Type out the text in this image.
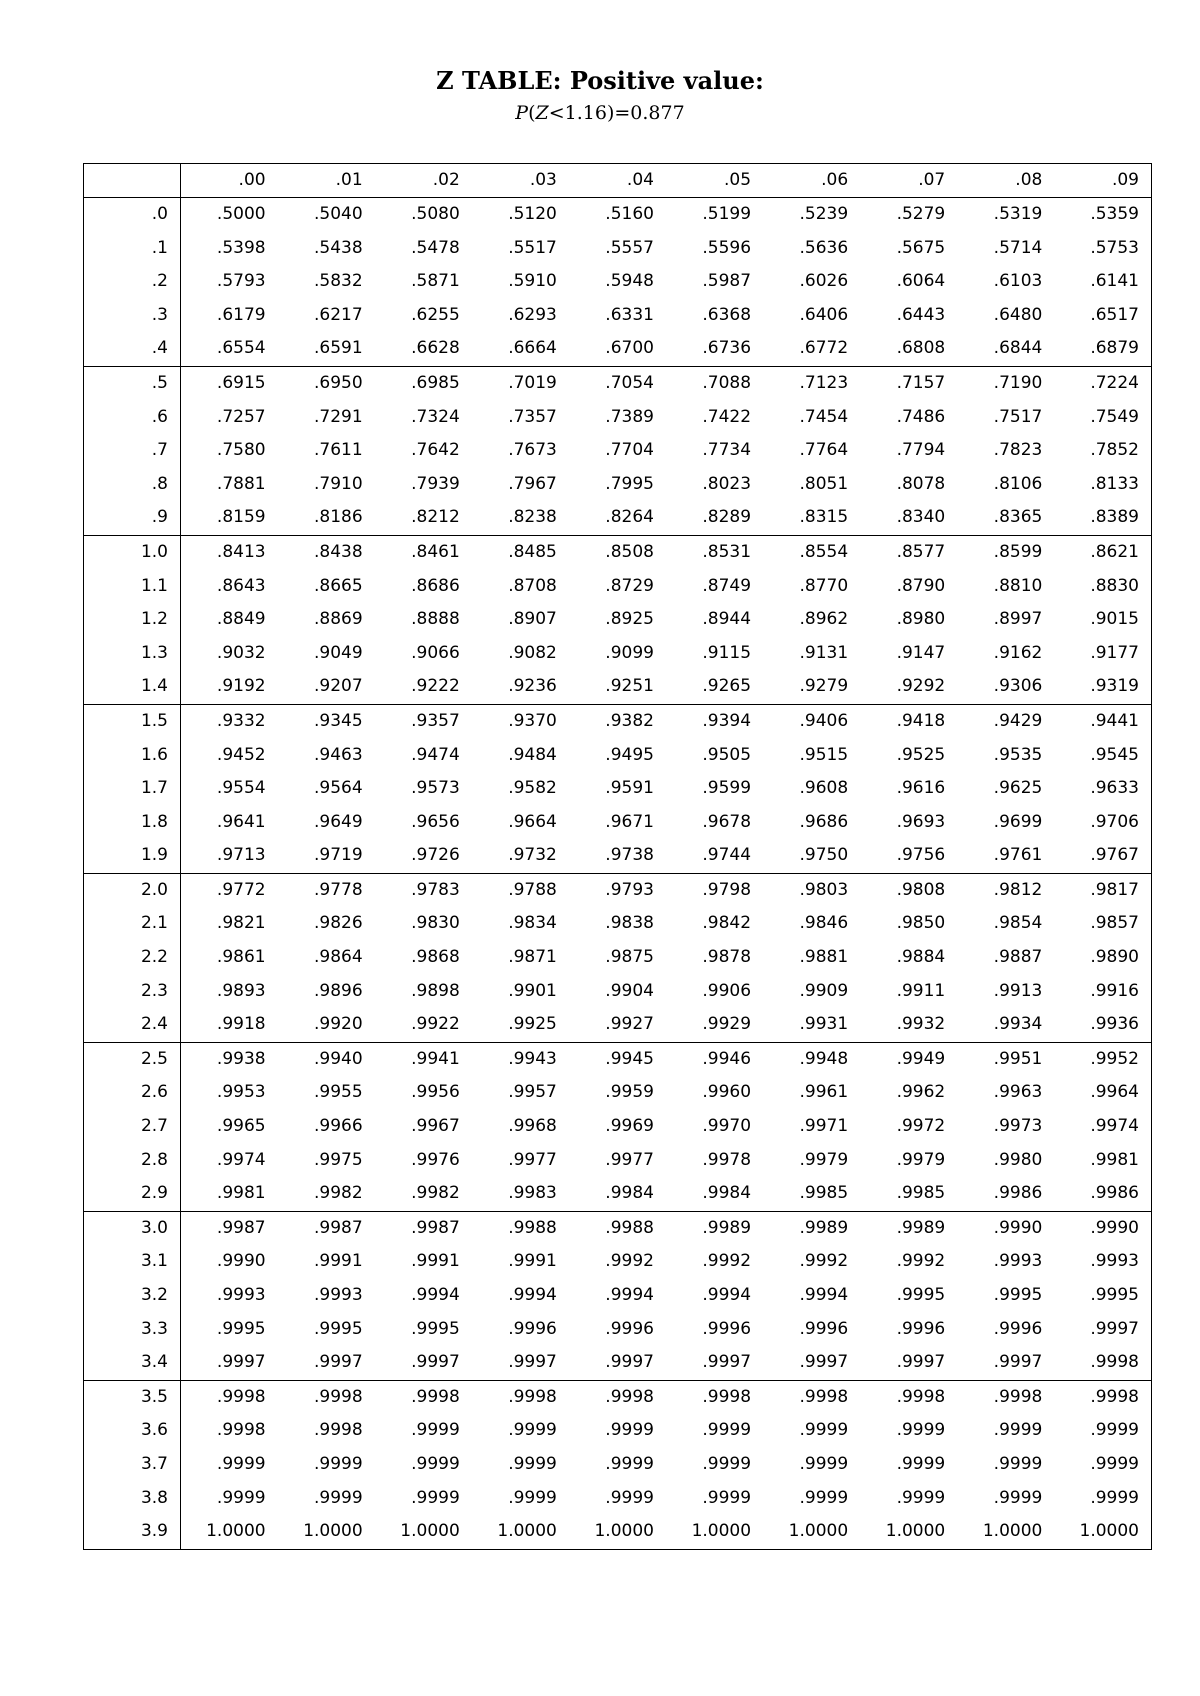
Z TABLE: Positive value:
P(Z<1.16)=0.877
	.00	.01	.02	.03	.04	.05	.06	.07	.08	.09
.0	.5000	.5040	.5080	.5120	.5160	.5199	.5239	.5279	.5319	.5359
.1	.5398	.5438	.5478	.5517	.5557	.5596	.5636	.5675	.5714	.5753
.2	.5793	.5832	.5871	.5910	.5948	.5987	.6026	.6064	.6103	.6141
.3	.6179	.6217	.6255	.6293	.6331	.6368	.6406	.6443	.6480	.6517
.4	.6554	.6591	.6628	.6664	.6700	.6736	.6772	.6808	.6844	.6879
.5	.6915	.6950	.6985	.7019	.7054	.7088	.7123	.7157	.7190	.7224
.6	.7257	.7291	.7324	.7357	.7389	.7422	.7454	.7486	.7517	.7549
.7	.7580	.7611	.7642	.7673	.7704	.7734	.7764	.7794	.7823	.7852
.8	.7881	.7910	.7939	.7967	.7995	.8023	.8051	.8078	.8106	.8133
.9	.8159	.8186	.8212	.8238	.8264	.8289	.8315	.8340	.8365	.8389
1.0	.8413	.8438	.8461	.8485	.8508	.8531	.8554	.8577	.8599	.8621
1.1	.8643	.8665	.8686	.8708	.8729	.8749	.8770	.8790	.8810	.8830
1.2	.8849	.8869	.8888	.8907	.8925	.8944	.8962	.8980	.8997	.9015
1.3	.9032	.9049	.9066	.9082	.9099	.9115	.9131	.9147	.9162	.9177
1.4	.9192	.9207	.9222	.9236	.9251	.9265	.9279	.9292	.9306	.9319
1.5	.9332	.9345	.9357	.9370	.9382	.9394	.9406	.9418	.9429	.9441
1.6	.9452	.9463	.9474	.9484	.9495	.9505	.9515	.9525	.9535	.9545
1.7	.9554	.9564	.9573	.9582	.9591	.9599	.9608	.9616	.9625	.9633
1.8	.9641	.9649	.9656	.9664	.9671	.9678	.9686	.9693	.9699	.9706
1.9	.9713	.9719	.9726	.9732	.9738	.9744	.9750	.9756	.9761	.9767
2.0	.9772	.9778	.9783	.9788	.9793	.9798	.9803	.9808	.9812	.9817
2.1	.9821	.9826	.9830	.9834	.9838	.9842	.9846	.9850	.9854	.9857
2.2	.9861	.9864	.9868	.9871	.9875	.9878	.9881	.9884	.9887	.9890
2.3	.9893	.9896	.9898	.9901	.9904	.9906	.9909	.9911	.9913	.9916
2.4	.9918	.9920	.9922	.9925	.9927	.9929	.9931	.9932	.9934	.9936
2.5	.9938	.9940	.9941	.9943	.9945	.9946	.9948	.9949	.9951	.9952
2.6	.9953	.9955	.9956	.9957	.9959	.9960	.9961	.9962	.9963	.9964
2.7	.9965	.9966	.9967	.9968	.9969	.9970	.9971	.9972	.9973	.9974
2.8	.9974	.9975	.9976	.9977	.9977	.9978	.9979	.9979	.9980	.9981
2.9	.9981	.9982	.9982	.9983	.9984	.9984	.9985	.9985	.9986	.9986
3.0	.9987	.9987	.9987	.9988	.9988	.9989	.9989	.9989	.9990	.9990
3.1	.9990	.9991	.9991	.9991	.9992	.9992	.9992	.9992	.9993	.9993
3.2	.9993	.9993	.9994	.9994	.9994	.9994	.9994	.9995	.9995	.9995
3.3	.9995	.9995	.9995	.9996	.9996	.9996	.9996	.9996	.9996	.9997
3.4	.9997	.9997	.9997	.9997	.9997	.9997	.9997	.9997	.9997	.9998
3.5	.9998	.9998	.9998	.9998	.9998	.9998	.9998	.9998	.9998	.9998
3.6	.9998	.9998	.9999	.9999	.9999	.9999	.9999	.9999	.9999	.9999
3.7	.9999	.9999	.9999	.9999	.9999	.9999	.9999	.9999	.9999	.9999
3.8	.9999	.9999	.9999	.9999	.9999	.9999	.9999	.9999	.9999	.9999
3.9	1.0000	1.0000	1.0000	1.0000	1.0000	1.0000	1.0000	1.0000	1.0000	1.0000
